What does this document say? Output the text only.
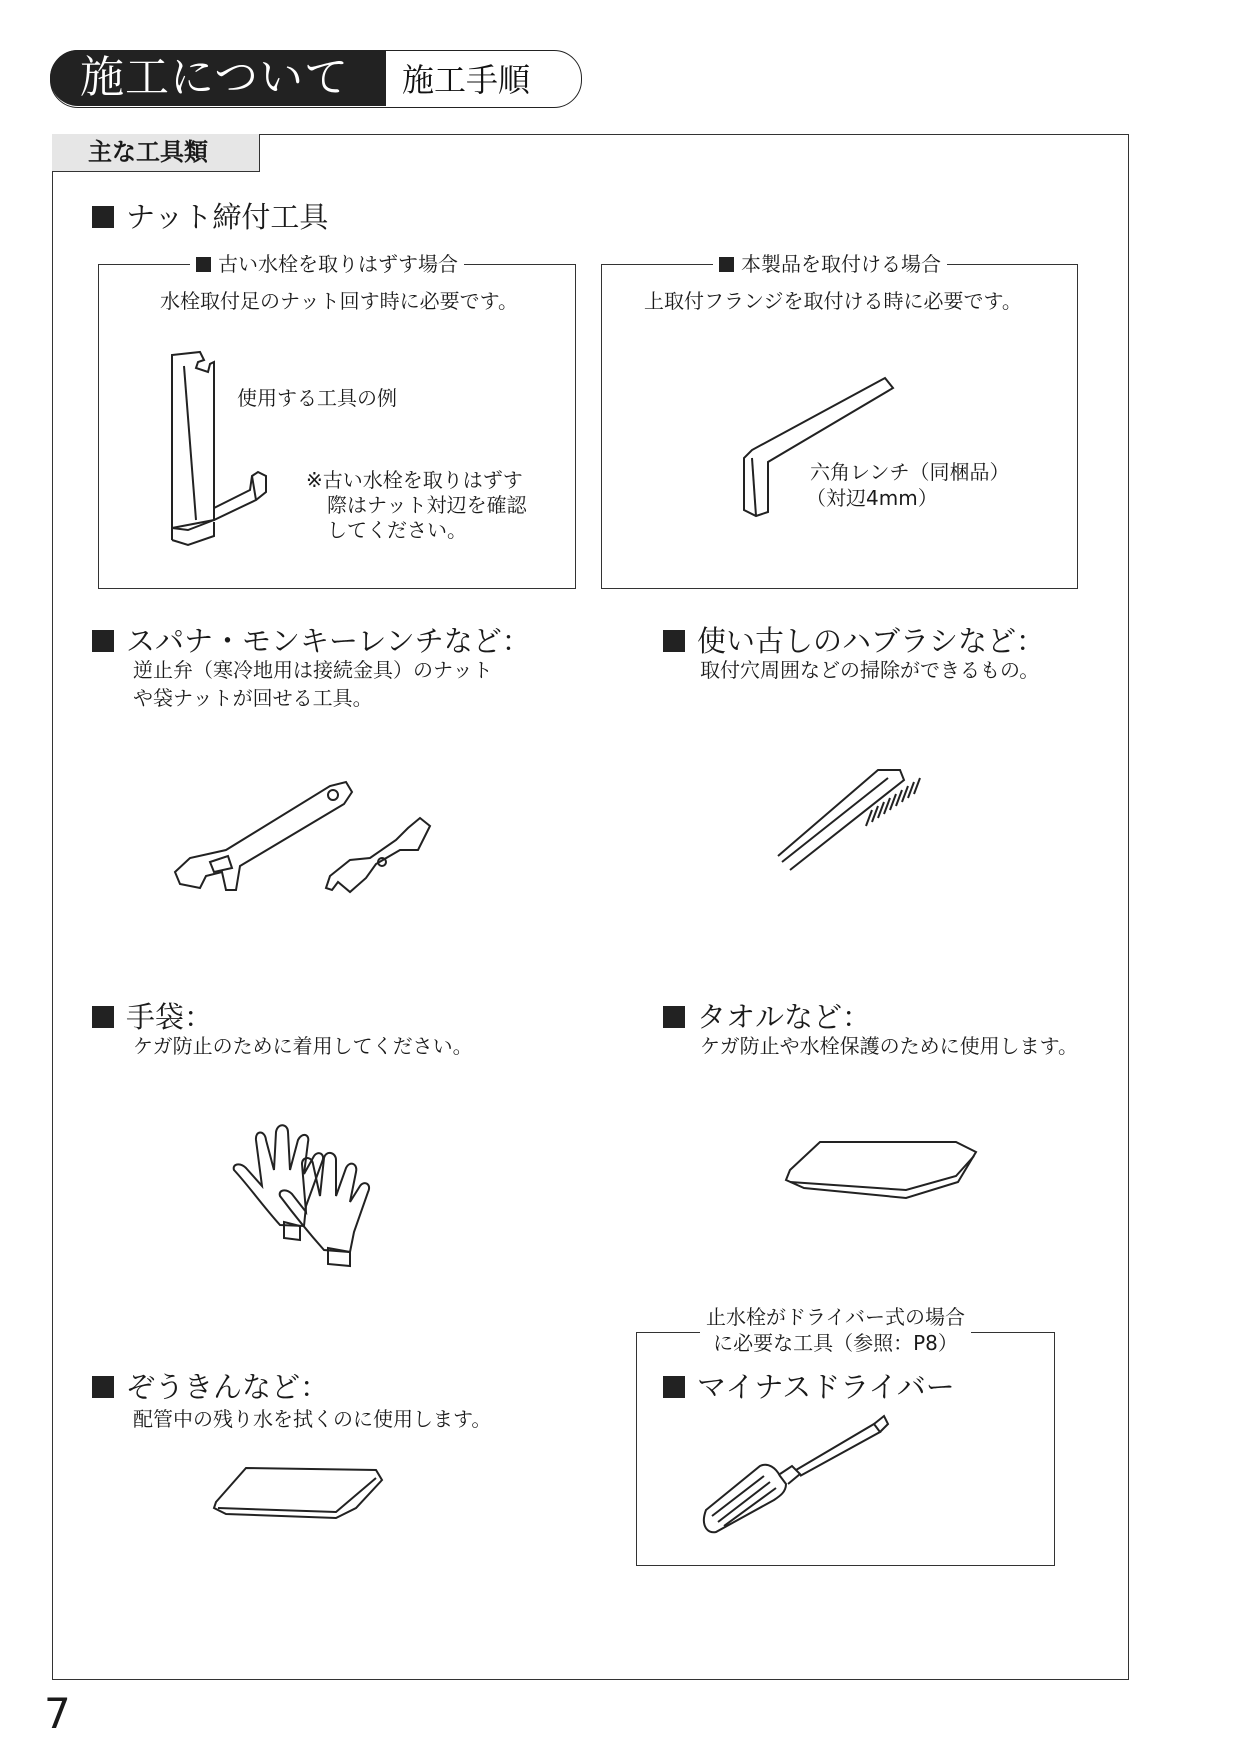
施工について 施工手順
主な工具類
ナット締付工具
古い水栓を取りはずす場合
水栓取付足のナット回す時に必要です。
使用する工具の例
※古い水栓を取りはずす
際はナット対辺を確認
してください。
本製品を取付ける場合
上取付フランジを取付ける時に必要です。
六角レンチ（同梱品）
（対辺4mm）
スパナ・モンキーレンチなど：
逆止弁（寒冷地用は接続金具）のナット
や袋ナットが回せる工具。
使い古しのハブラシなど：
取付穴周囲などの掃除ができるもの。
手袋：
ケガ防止のために着用してください。
タオルなど：
ケガ防止や水栓保護のために使用します。
ぞうきんなど：
配管中の残り水を拭くのに使用します。
止水栓がドライバー式の場合
に必要な工具（参照：P8）
マイナスドライバー
7
